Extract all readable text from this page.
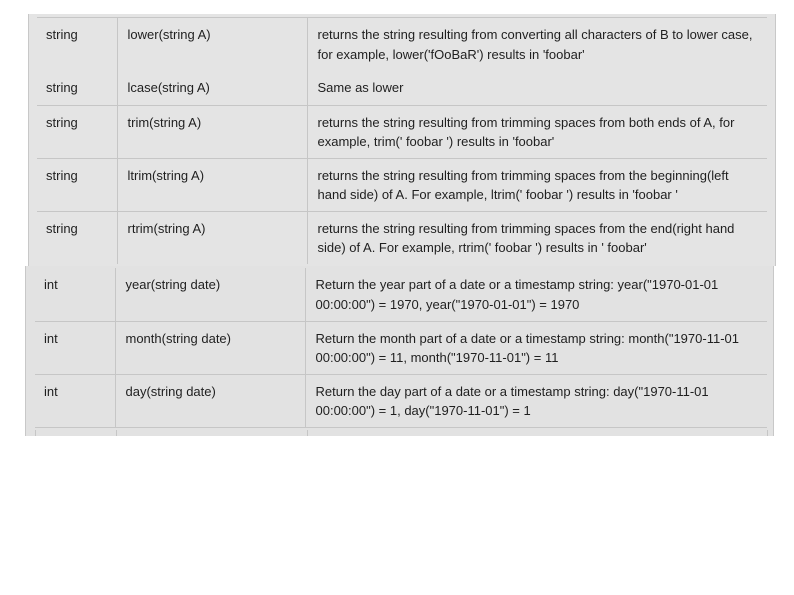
string	lower(string A)	returns the string resulting from converting all characters of B to lower case, for example, lower('fOoBaR') results in 'foobar'
string	lcase(string A)	Same as lower
string	trim(string A)	returns the string resulting from trimming spaces from both ends of A, for example, trim(' foobar ') results in 'foobar'
string	ltrim(string A)	returns the string resulting from trimming spaces from the beginning(left hand side) of A. For example, ltrim(' foobar ') results in 'foobar '
string	rtrim(string A)	returns the string resulting from trimming spaces from the end(right hand side) of A. For example, rtrim(' foobar ') results in ' foobar'
int	year(string date)	Return the year part of a date or a timestamp string: year("1970-01-01 00:00:00") = 1970, year("1970-01-01") = 1970
int	month(string date)	Return the month part of a date or a timestamp string: month("1970-11-01 00:00:00") = 11, month("1970-11-01") = 11
int	day(string date)	Return the day part of a date or a timestamp string: day("1970-11-01 00:00:00") = 1, day("1970-11-01") = 1
